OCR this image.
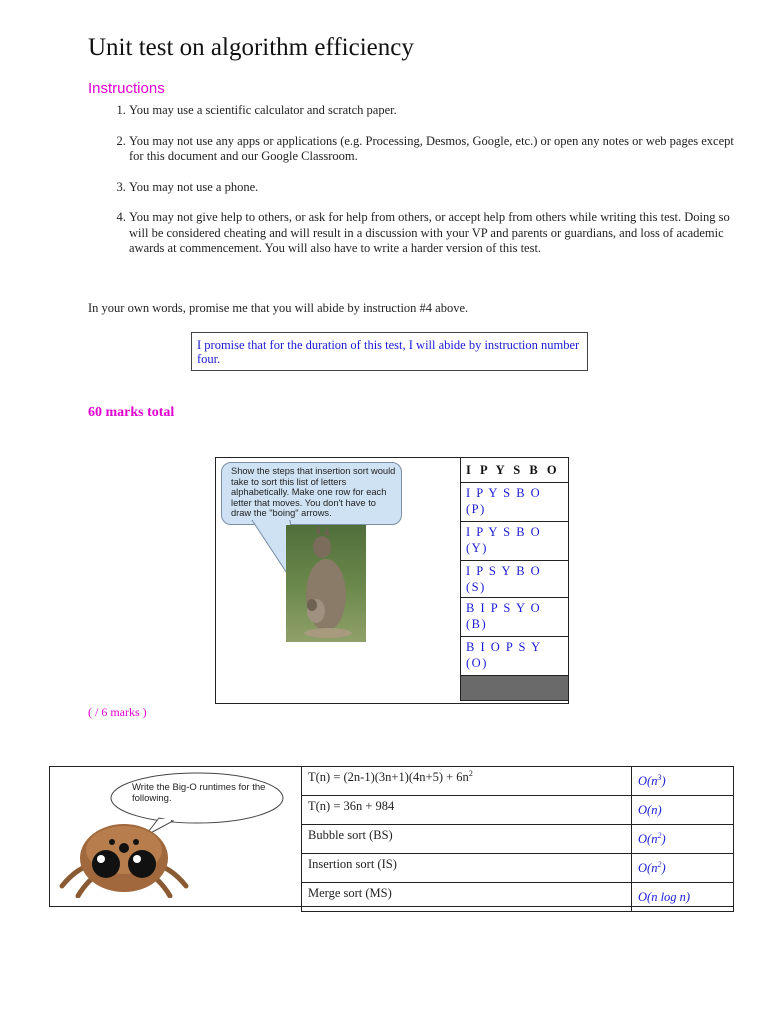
Unit test on algorithm efficiency
Instructions
1. You may use a scientific calculator and scratch paper.
2. You may not use any apps or applications (e.g. Processing, Desmos, Google, etc.) or open any notes or web pages except for this document and our Google Classroom.
3. You may not use a phone.
4. You may not give help to others, or ask for help from others, or accept help from others while writing this test. Doing so will be considered cheating and will result in a discussion with your VP and parents or guardians, and loss of academic awards at commencement. You will also have to write a harder version of this test.
In your own words, promise me that you will abide by instruction #4 above.
I promise that for the duration of this test, I will abide by instruction number four.
60 marks total
Show the steps that insertion sort would take to sort this list of letters alphabetically. Make one row for each letter that moves. You don't have to draw the "boing" arrows.
I P Y S B O
I P Y S B O (P)
I P Y S B O (Y)
I P S Y B O (S)
B I P S Y O (B)
B I O P S Y (O)

( / 6 marks )
Write the Big-O runtimes for the following.
$T(n) = (2n-1)(3n+1)(4n+5) + 6n^2$	$O(n^3)$
T(n) = 36n + 984	O(n)
Bubble sort (BS)	$O(n^2)$
Insertion sort (IS)	$O(n^2)$
Merge sort (MS)	O(n log n)
